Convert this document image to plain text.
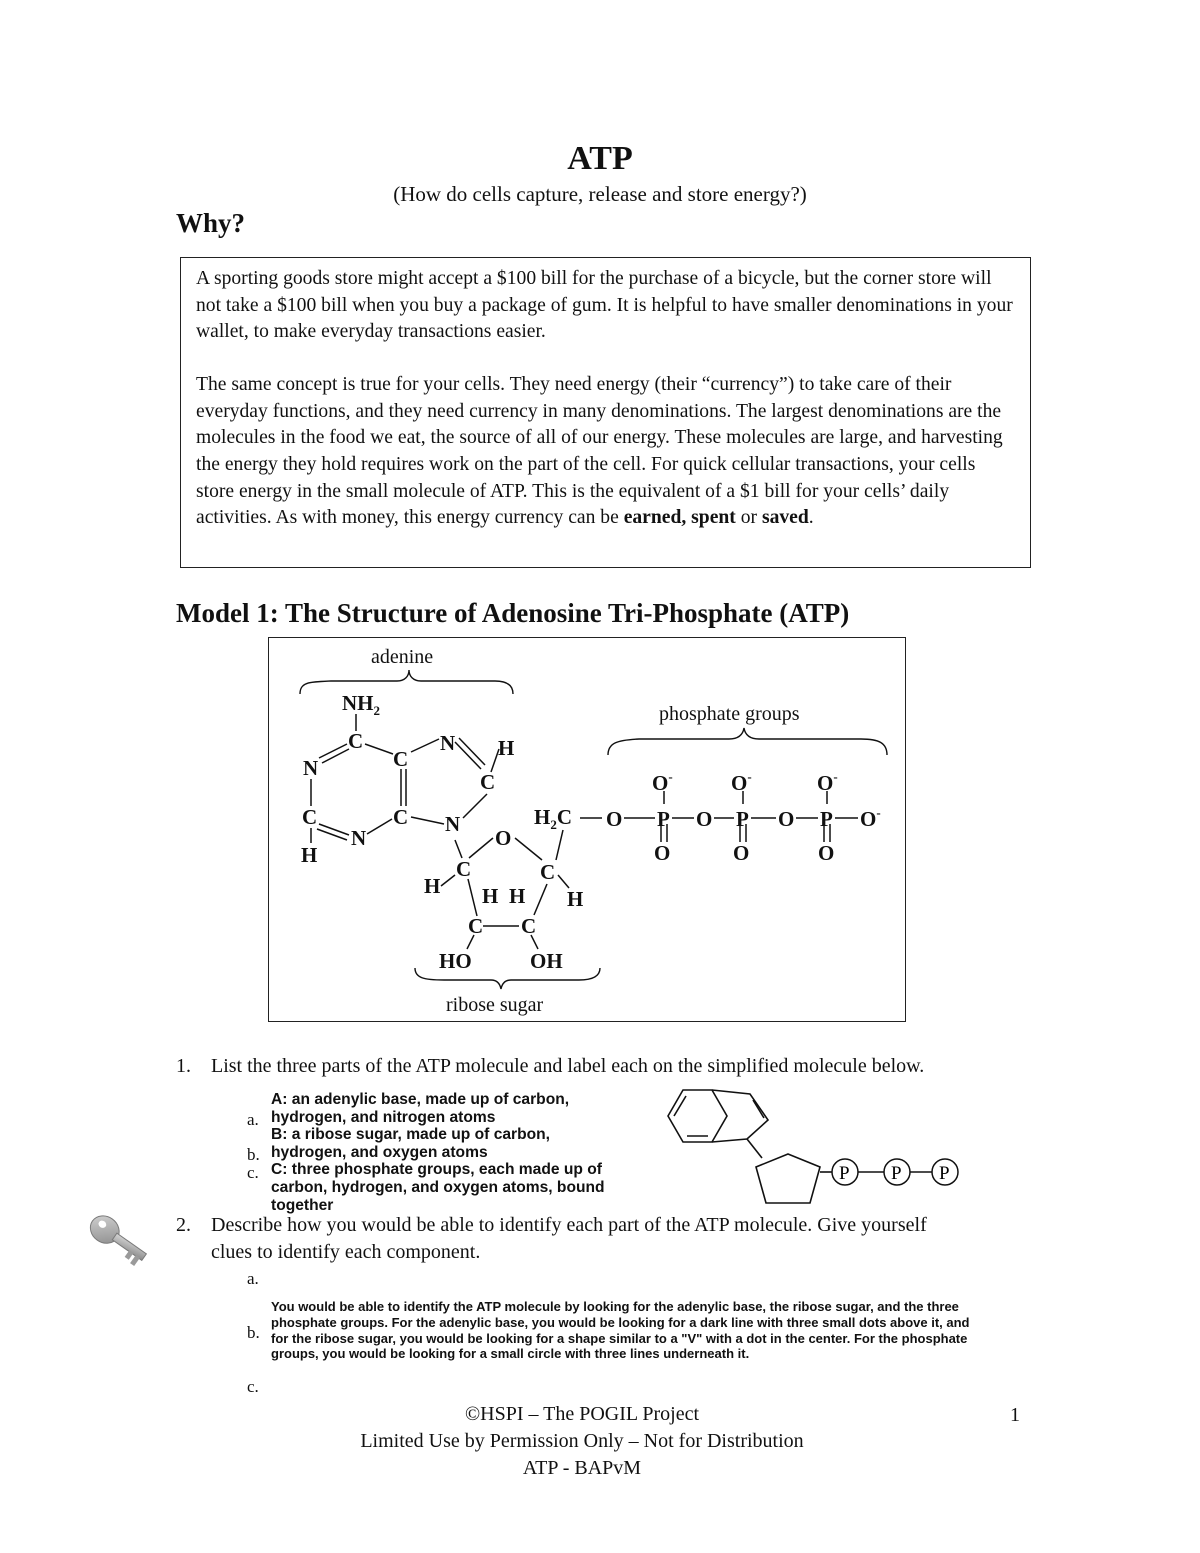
ATP
(How do cells capture, release and store energy?)
Why?

A sporting goods store might accept a $100 bill for the purchase of a bicycle, but the corner store will not take a $100 bill when you buy a package of gum. It is helpful to have smaller denominations in your wallet, to make everyday transactions easier.

The same concept is true for your cells. They need energy (their “currency”) to take care of their everyday functions, and they need currency in many denominations. The largest denominations are the molecules in the food we eat, the source of all of our energy. These molecules are large, and harvesting the energy they hold requires work on the part of the cell. For quick cellular transactions, your cells store energy in the small molecule of ATP. This is the equivalent of a $1 bill for your cells’ daily activities. As with money, this energy currency can be earned, spent or saved.

Model 1: The Structure of Adenosine Tri-Phosphate (ATP)
adenine
phosphate groups
ribose sugar
$NH_2$
C
N	C
N H
C
C
N
C N
H
O
C	C
H
H
H H
C C
HO	OH
$H_2C$ O P O P O P O-
O-	O-	O-
O	O	O
1. List the three parts of the ATP molecule and label each on the simplified molecule below.
a.
b.
c.
A: an adenylic base, made up of carbon, hydrogen, and nitrogen atoms
B: a ribose sugar, made up of carbon, hydrogen, and oxygen atoms
C: three phosphate groups, each made up of carbon, hydrogen, and oxygen atoms, bound together
P P P
2. Describe how you would be able to identify each part of the ATP molecule. Give yourself clues to identify each component.
a.
b.
c.
You would be able to identify the ATP molecule by looking for the adenylic base, the ribose sugar, and the three phosphate groups. For the adenylic base, you would be looking for a dark line with three small dots above it, and for the ribose sugar, you would be looking for a shape similar to a "V" with a dot in the center. For the phosphate groups, you would be looking for a small circle with three lines underneath it.
©HSPI – The POGIL Project
Limited Use by Permission Only – Not for Distribution
ATP - BAPvM
1
